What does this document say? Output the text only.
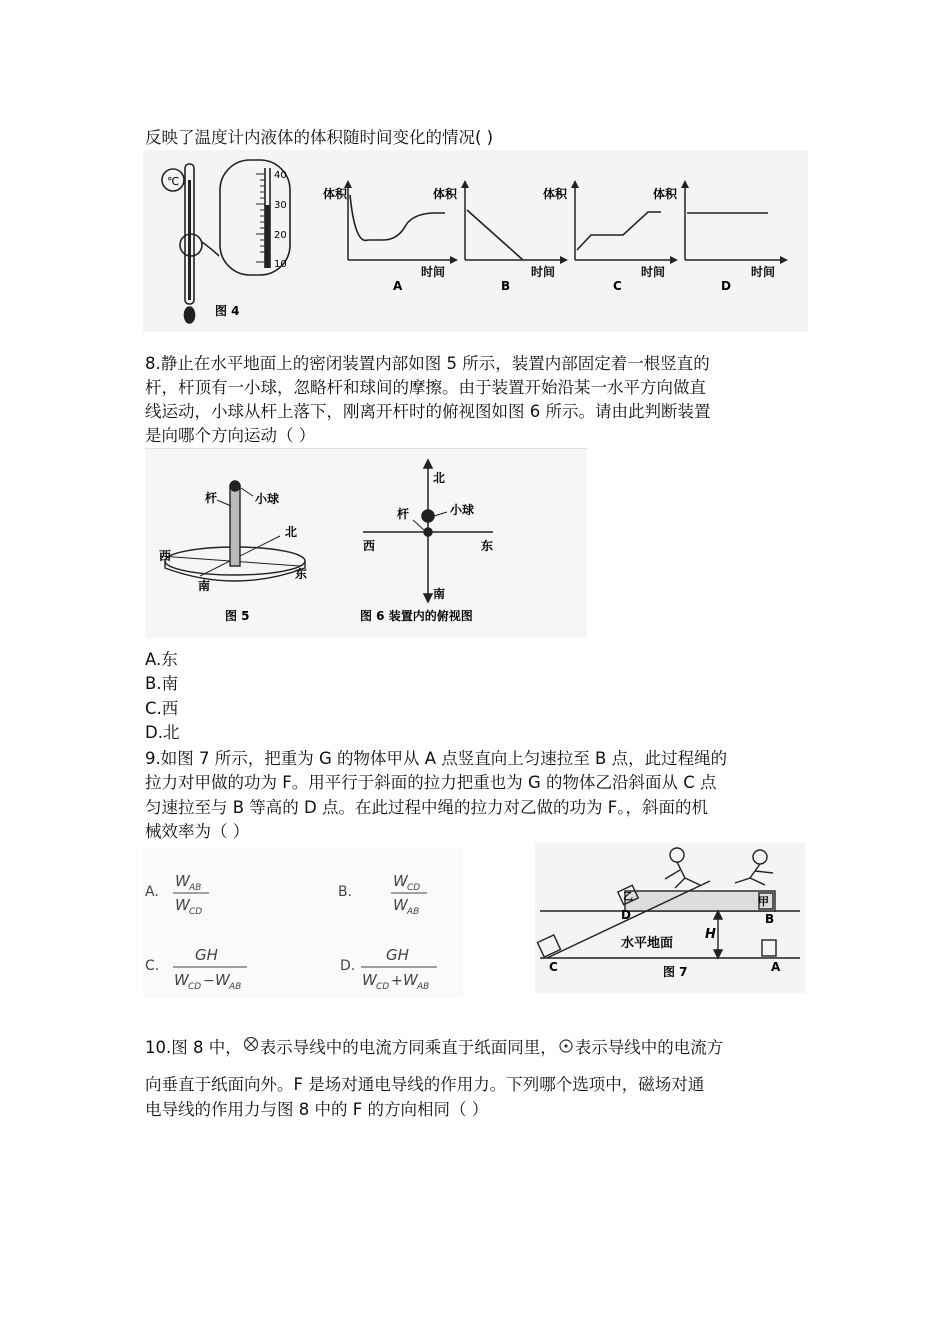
反映了温度计内液体的体积随时间变化的情况( )
℃	40
30
20
10
图 4
体积
时间
A
体积
时间
B
体积
时间
C
体积
时间
D
8.静止在水平地面上的密闭装置内部如图 5 所示，装置内部固定着一根竖直的
杆，杆顶有一小球，忽略杆和球间的摩擦。由于装置开始沿某一水平方向做直
线运动，小球从杆上落下，刚离开杆时的俯视图如图 6 所示。请由此判断装置
是向哪个方向运动（ ）
杆	小球
北
西
东
南
图 5
北
小球
杆
西	东
南
图 6 装置内的俯视图
A.东
B.南
C.西
D.北
9.如图 7 所示，把重为 G 的物体甲从 A 点竖直向上匀速拉至 B 点，此过程绳的
拉力对甲做的功为 F。用平行于斜面的拉力把重也为 G 的物体乙沿斜面从 C 点
匀速拉至与 B 等高的 D 点。在此过程中绳的拉力对乙做的功为 F。，斜面的机
械效率为（ ）
A.
W AB
W CD
B.
W CD
W AB
C.
GH
W CD − W AB
D.
GH
W CD + W AB
D	B
甲
乙
H
水平地面
C	A
图 7
10.图 8 中， 表示导线中的电流方同乘直于纸面同里， 表示导线中的电流方
向垂直于纸面向外。F 是场对通电导线的作用力。下列哪个选项中，磁场对通
电导线的作用力与图 8 中的 F 的方向相同（ ）
